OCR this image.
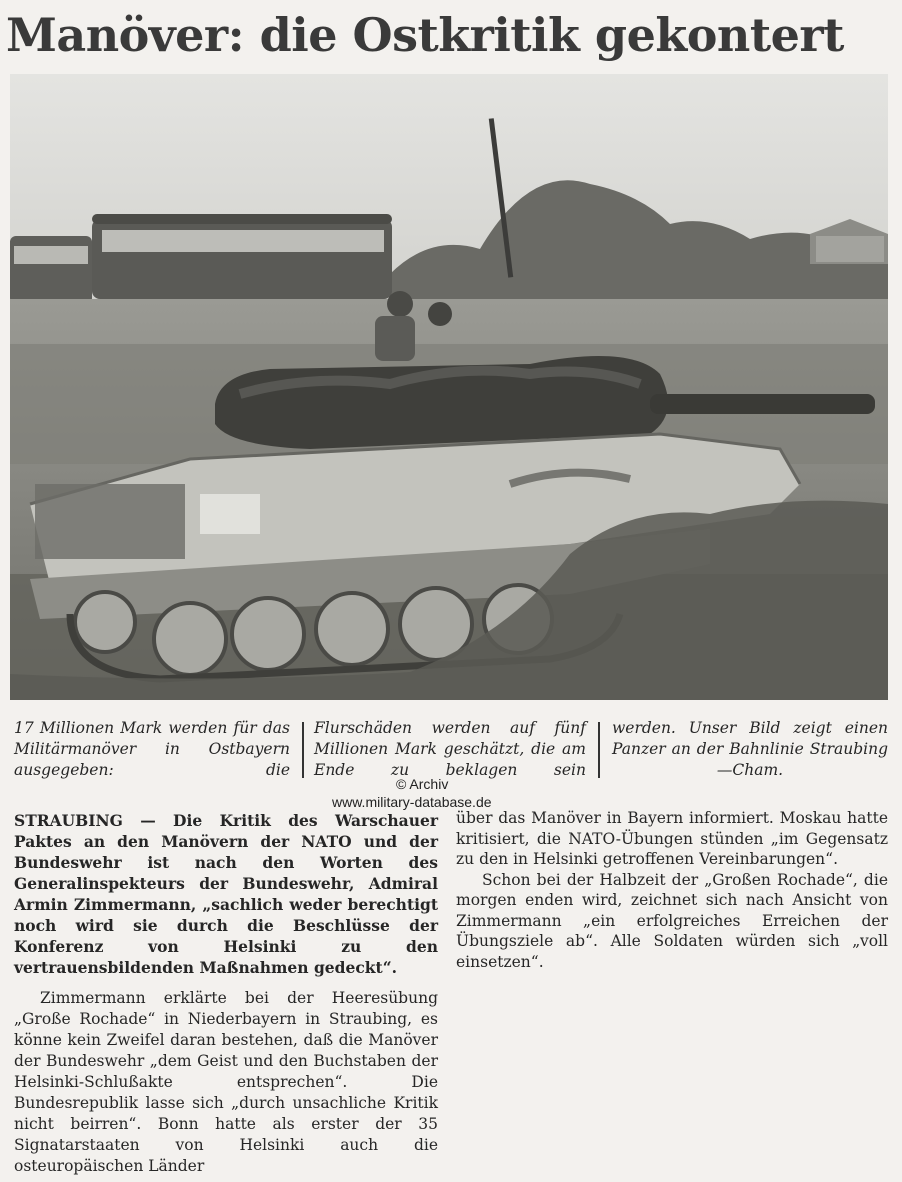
Manöver: die Ostkritik gekontert
17 Millionen Mark werden für das Militärmanöver in Ostbayern ausgegeben: die
Flurschäden werden auf fünf Millionen Mark geschätzt, die am Ende zu beklagen sein
werden. Unser Bild zeigt einen Panzer an der Bahnlinie Straubing—Cham.
© Archiv
www.military-database.de

STRAUBING — Die Kritik des Warschauer Paktes an den Manövern der NATO und der Bundeswehr ist nach den Worten des Generalinspekteurs der Bundeswehr, Admiral Armin Zimmermann, „sachlich weder berechtigt noch wird sie durch die Beschlüsse der Konferenz von Helsinki zu den vertrauensbildenden Maßnahmen gedeckt“.

Zimmermann erklärte bei der Heeresübung „Große Rochade“ in Niederbayern in Straubing, es könne kein Zweifel daran bestehen, daß die Manöver der Bundeswehr „dem Geist und den Buchstaben der Helsinki-Schlußakte entsprechen“. Die Bundesrepublik lasse sich „durch unsachliche Kritik nicht beirren“. Bonn hatte als erster der 35 Signatarstaaten von Helsinki auch die osteuropäischen Länder

über das Manöver in Bayern informiert. Moskau hatte kritisiert, die NATO-Übungen stünden „im Gegensatz zu den in Helsinki getroffenen Vereinbarungen“.

Schon bei der Halbzeit der „Großen Rochade“, die morgen enden wird, zeichnet sich nach Ansicht von Zimmermann „ein erfolgreiches Erreichen der Übungsziele ab“. Alle Soldaten würden sich „voll einsetzen“.
